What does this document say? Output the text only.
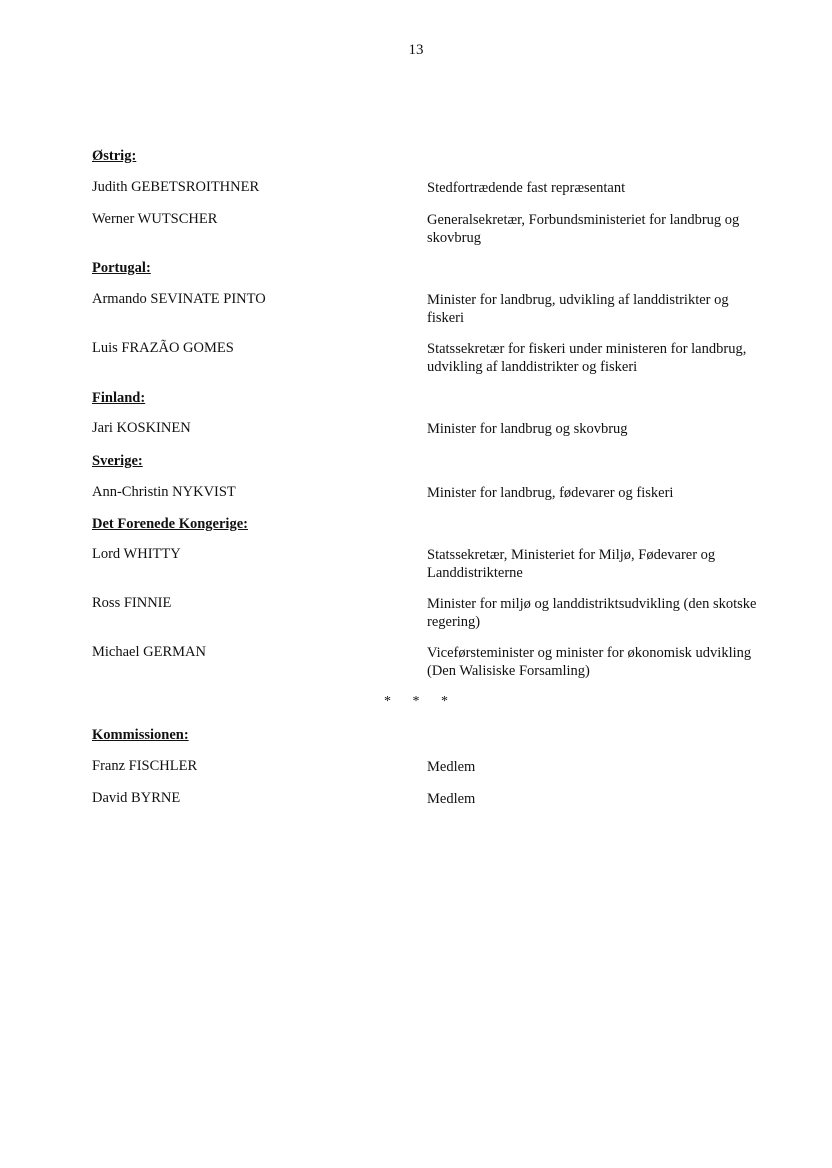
13
Østrig:
Judith GEBETSROITHNER	Stedfortrædende fast repræsentant
Werner WUTSCHER	Generalsekretær, Forbundsministeriet for landbrug og skovbrug
Portugal:
Armando SEVINATE PINTO	Minister for landbrug, udvikling af landdistrikter og fiskeri
Luis FRAZÃO GOMES	Statssekretær for fiskeri under ministeren for landbrug, udvikling af landdistrikter og fiskeri
Finland:
Jari KOSKINEN	Minister for landbrug og skovbrug
Sverige:
Ann-Christin NYKVIST	Minister for landbrug, fødevarer og fiskeri
Det Forenede Kongerige:
Lord WHITTY	Statssekretær, Ministeriet for Miljø, Fødevarer og Landdistrikterne
Ross FINNIE	Minister for miljø og landdistriktsudvikling (den skotske regering)
Michael GERMAN	Viceførsteminister og minister for økonomisk udvikling (Den Walisiske Forsamling)
* * *
Kommissionen:
Franz FISCHLER	Medlem
David BYRNE	Medlem
